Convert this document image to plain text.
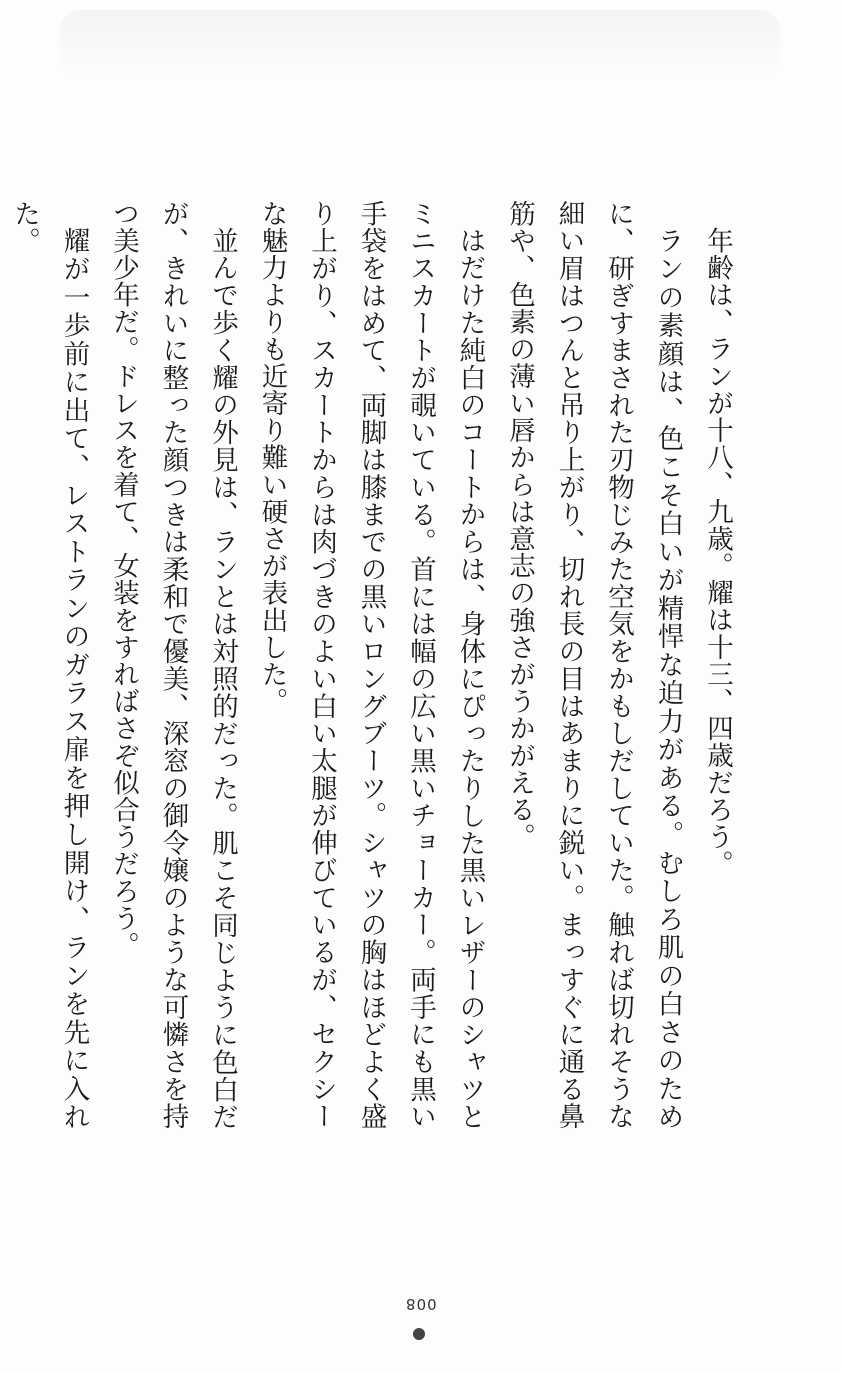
年齢は、ランが十八、九歳。耀は十三、四歳だろう。

ランの素顔は、色こそ白いが精悍な迫力がある。むしろ肌の白さのために、研ぎすまされた刃物じみた空気をかもしだしていた。触れば切れそうな細い眉はつんと吊り上がり、切れ長の目はあまりに鋭い。まっすぐに通る鼻筋や、色素の薄い唇からは意志の強さがうかがえる。

はだけた純白のコートからは、身体にぴったりした黒いレザーのシャツとミニスカートが覗いている。首には幅の広い黒いチョーカー。両手にも黒い手袋をはめて、両脚は膝までの黒いロングブーツ。シャツの胸はほどよく盛り上がり、スカートからは肉づきのよい白い太腿が伸びているが、セクシーな魅力よりも近寄り難い硬さが表出した。

並んで歩く耀の外見は、ランとは対照的だった。肌こそ同じように色白だが、きれいに整った顔つきは柔和で優美、深窓の御令嬢のような可憐さを持つ美少年だ。ドレスを着て、女装をすればさぞ似合うだろう。

耀が一歩前に出て、レストランのガラス扉を押し開け、ランを先に入れた。

008
